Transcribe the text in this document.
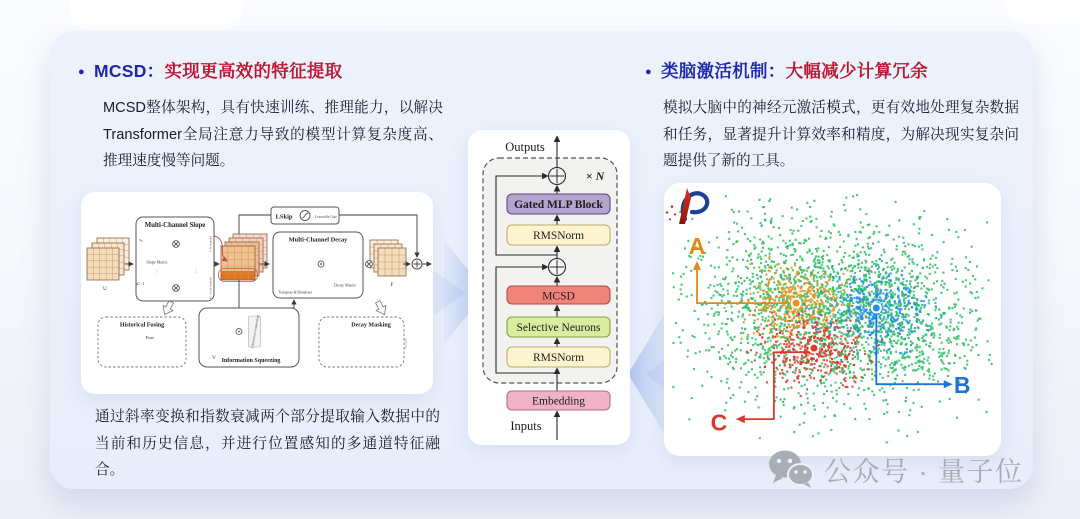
● MCSD：实现更高效的特征提取
MCSD整体架构，具有快速训练、推理能力，以解决Transformer全局注意力导致的模型计算复杂度高、推理速度慢等问题。
Multi-Channel Slope
s₀
sC−1
Slope Matrix
⋮	⋮
k-th channel
(C−1)-th channel
LSkip	Learnable Gate
Multi-Channel Decay
Decay Matrix
Transpose & Broadcast
Historical Fusing
Fuse
Information Squeezing
V
Dimension Compressing	Decay Masking
U
F
通过斜率变换和指数衰减两个部分提取输入数据中的当前和历史信息，并进行位置感知的多通道特征融合。
× N
Outputs
Inputs
Gated MLP Block
RMSNorm
MCSD
Selective Neurons
RMSNorm
Embedding
● 类脑激活机制：大幅减少计算冗余
模拟大脑中的神经元激活模式，更有效地处理复杂数据和任务，显著提升计算效率和精度，为解决现实复杂问题提供了新的工具。
A
B
C
公众号 · 量子位
